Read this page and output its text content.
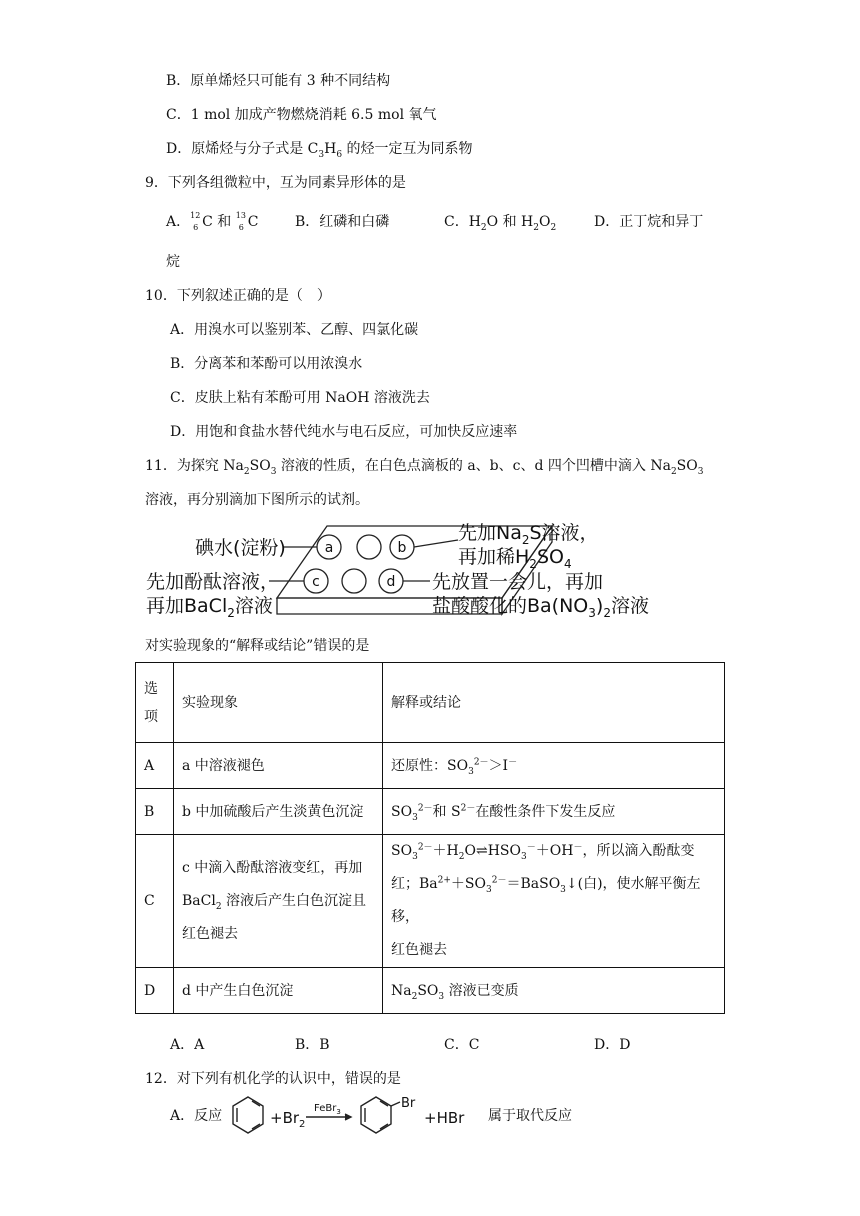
B．原单烯烃只可能有 3 种不同结构
C．1 mol 加成产物燃烧消耗 6.5 mol 氧气
D．原烯烃与分子式是 $C_3H_6$ 的烃一定互为同系物
9．下列各组微粒中，互为同素异形体的是
A． 12
6 C 和 13
6 C	B．红磷和白磷	C．$H_2O$ 和 $H_2O_2$	D．正丁烷和异丁
烷
10．下列叙述正确的是（　）
A．用溴水可以鉴别苯、乙醇、四氯化碳
B．分离苯和苯酚可以用浓溴水
C．皮肤上粘有苯酚可用 NaOH 溶液洗去
D．用饱和食盐水替代纯水与电石反应，可加快反应速率
11．为探究 $Na_2SO_3$ 溶液的性质，在白色点滴板的 a、b、c、d 四个凹槽中滴入 $Na_2SO_3$
溶液，再分别滴加下图所示的试剂。
a	b
c	d
碘水(淀粉)
先加$Na_2S$溶液，
再加稀$H_2SO_4$
先加酚酞溶液，
再加BaCl$_2$溶液
先放置一会儿，再加
盐酸酸化的$Ba(NO_3)_2$溶液
对实验现象的“解释或结论”错误的是
选
项	实验现象	解释或结论
A	a 中溶液褪色	还原性：$SO_3^{2-}>I^-$
B	b 中加硫酸后产生淡黄色沉淀	$SO_3^{2-}$和 $S^{2-}$在酸性条件下发生反应
C	c 中滴入酚酞溶液变红，再加
BaCl$_2$ 溶液后产生白色沉淀且
红色褪去	$SO_3^{2-}+H_2O\rightleftharpoons HSO_3^-+OH^-$，所以滴入酚酞变
红；$Ba^{2+}+SO_3^{2-}=BaSO_3↓$(白)，使水解平衡左移，
红色褪去
D	d 中产生白色沉淀	$Na_2SO_3$ 溶液已变质
A．A	B．B	C．C	D．D
12．对下列有机化学的认识中，错误的是
A．反应	$+Br_2$
FeBr$_3$
Br
+HBr 属于取代反应
